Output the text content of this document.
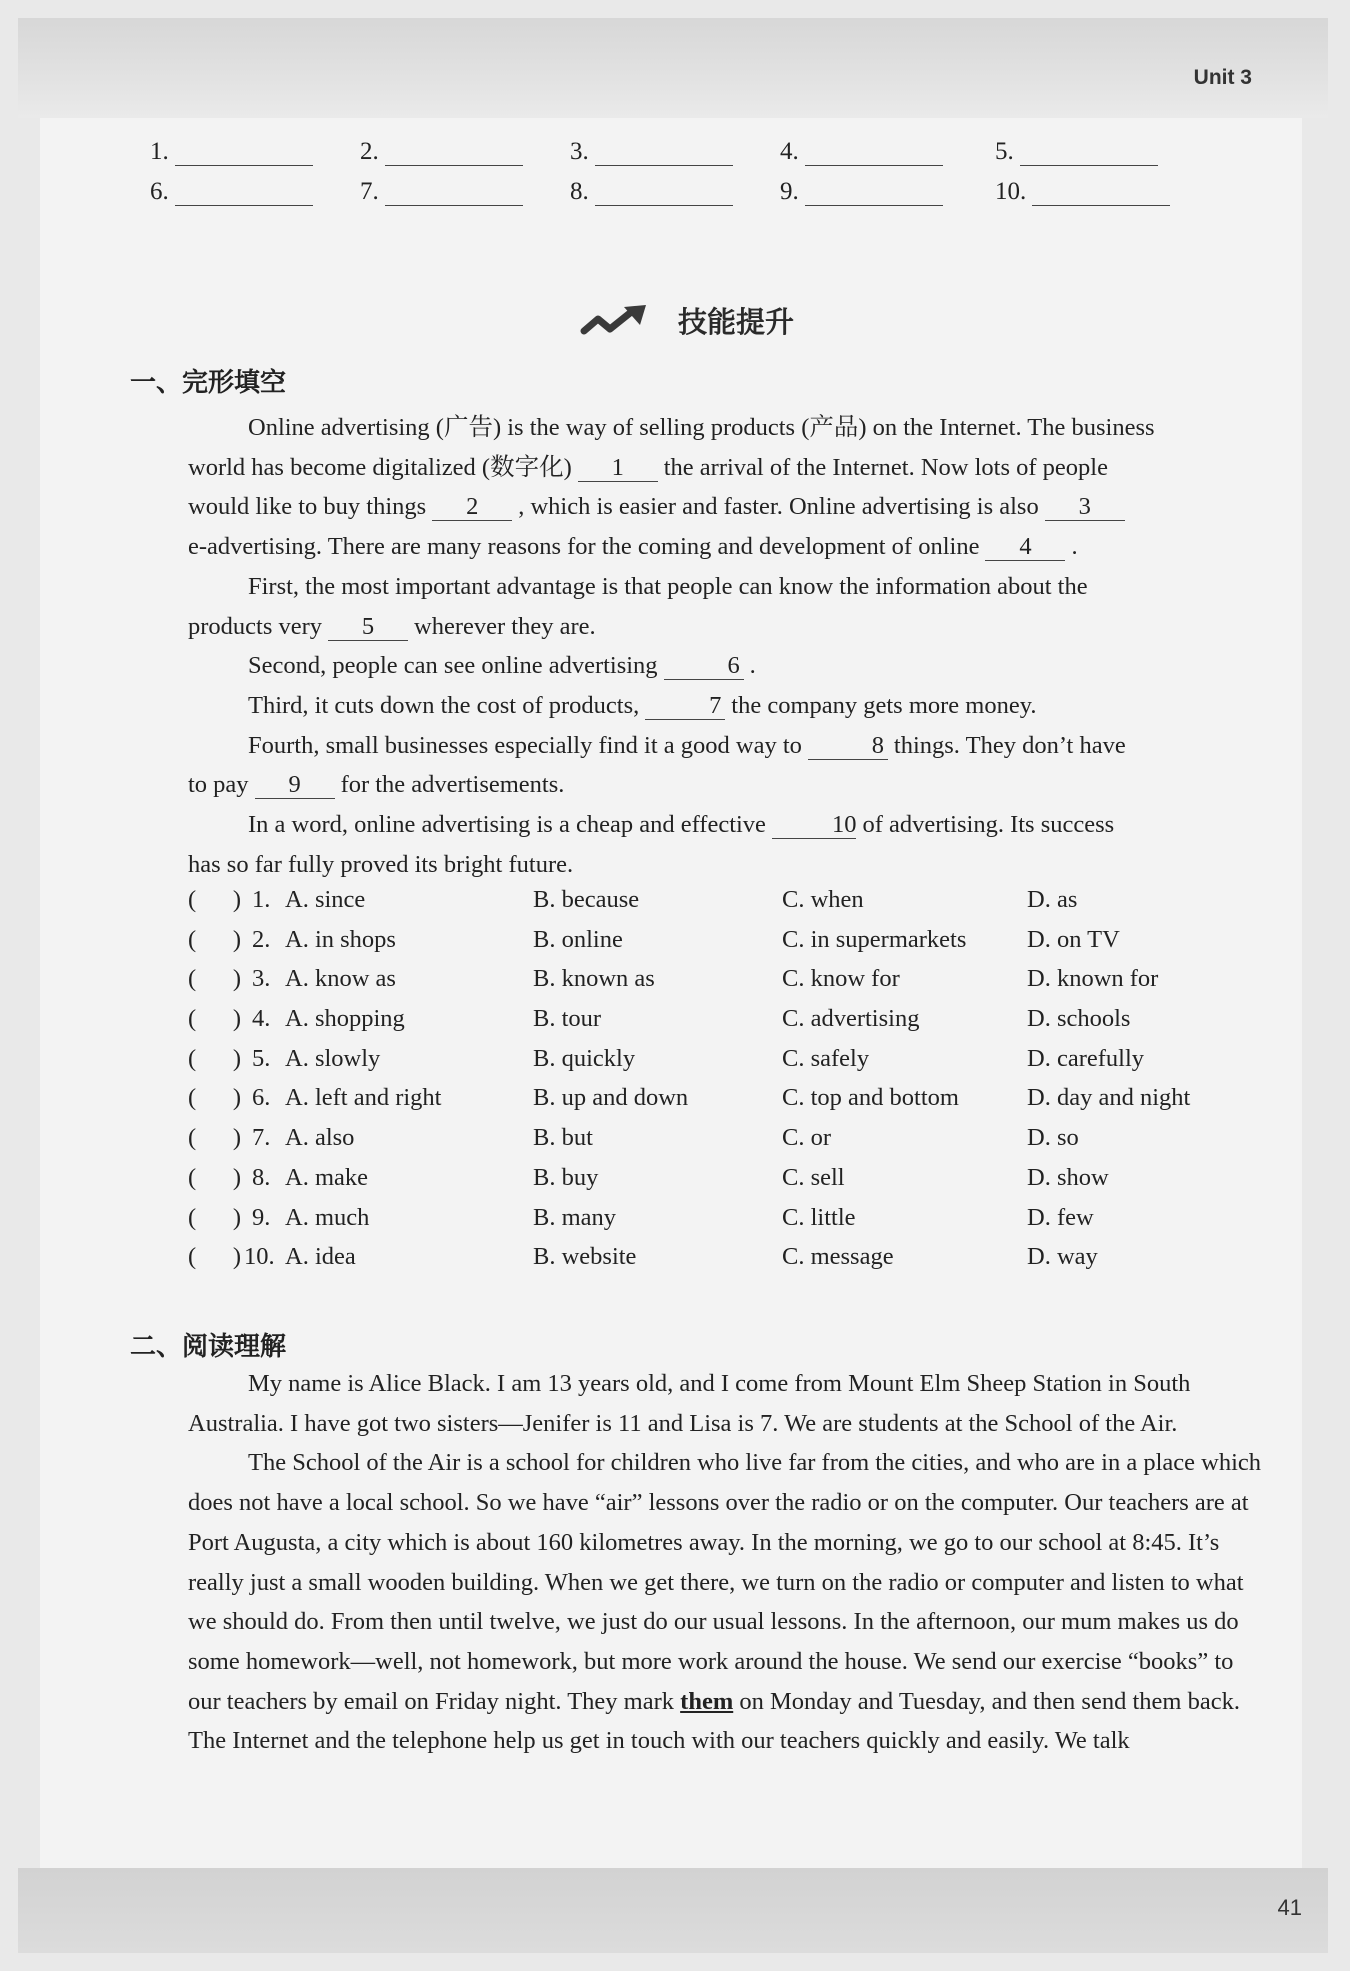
Unit 3
41
1.	2.	3.	4.	5.
6.	7.	8.	9.	10.
技能提升
一、完形填空

Online advertising (广告) is the way of selling products (产品) on the Internet. The business

world has become digitalized (数字化) 1 the arrival of the Internet. Now lots of people

would like to buy things 2 , which is easier and faster. Online advertising is also 3

e-advertising. There are many reasons for the coming and development of online 4 .

First, the most important advantage is that people can know the information about the

products very 5 wherever they are.

Second, people can see online advertising	6 .

Third, it cuts down the cost of products,	7 the company gets more money.

Fourth, small businesses especially find it a good way to	8 things. They don’t have

to pay 9 for the advertisements.

In a word, online advertising is a cheap and effective	10 of advertising. Its success

has so far fully proved its bright future.

(      ) 1. A. since	B. because	C. when	D. as
(      ) 2. A. in shops	B. online	C. in supermarkets D. on TV
(      ) 3. A. know as	B. known as	C. know for	D. known for
(      ) 4. A. shopping	B. tour	C. advertising	D. schools
(      ) 5. A. slowly	B. quickly	C. safely	D. carefully
(      ) 6. A. left and right	B. up and down	C. top and bottom	D. day and night
(      ) 7. A. also	B. but	C. or	D. so
(      ) 8. A. make	B. buy	C. sell	D. show
(      ) 9. A. much	B. many	C. little	D. few
(      ) 10. A. idea	B. website	C. message	D. way
二、阅读理解

My name is Alice Black. I am 13 years old, and I come from Mount Elm Sheep Station in South Australia. I have got two sisters—Jenifer is 11 and Lisa is 7. We are students at the School of the Air.

The School of the Air is a school for children who live far from the cities, and who are in a place which does not have a local school. So we have “air” lessons over the radio or on the computer. Our teachers are at Port Augusta, a city which is about 160 kilometres away. In the morning, we go to our school at 8:45. It’s really just a small wooden building. When we get there, we turn on the radio or computer and listen to what we should do. From then until twelve, we just do our usual lessons. In the afternoon, our mum makes us do some homework—well, not homework, but more work around the house. We send our exercise “books” to our teachers by email on Friday night. They mark them on Monday and Tuesday, and then send them back. The Internet and the telephone help us get in touch with our teachers quickly and easily. We talk
